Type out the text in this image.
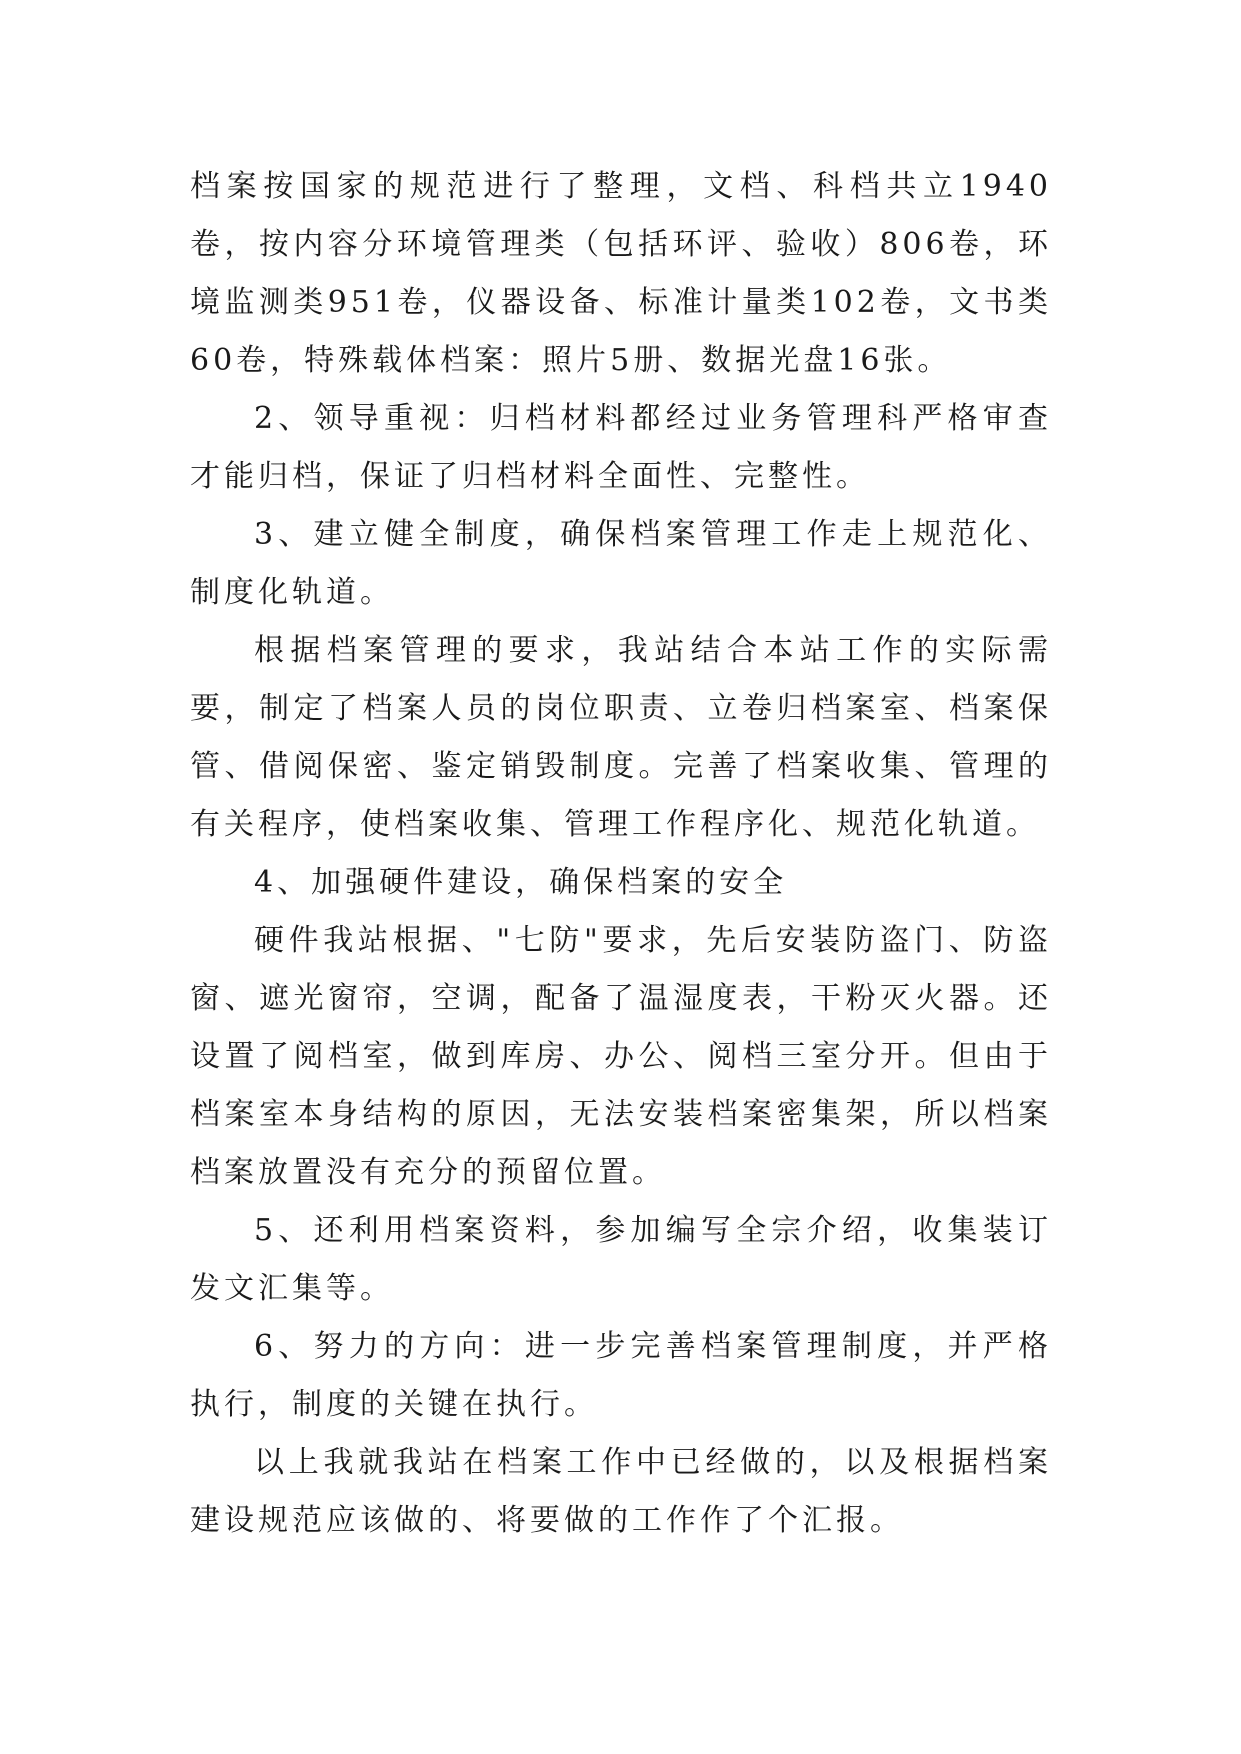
档案按国家的规范进行了整理，文档、科档共立1940卷，按内容分环境管理类（包括环评、验收）806卷，环境监测类951卷，仪器设备、标准计量类102卷，文书类60卷，特殊载体档案：照片5册、数据光盘16张。

2、领导重视：归档材料都经过业务管理科严格审查才能归档，保证了归档材料全面性、完整性。

3、建立健全制度，确保档案管理工作走上规范化、制度化轨道。

根据档案管理的要求，我站结合本站工作的实际需要，制定了档案人员的岗位职责、立卷归档案室、档案保管、借阅保密、鉴定销毁制度。完善了档案收集、管理的有关程序，使档案收集、管理工作程序化、规范化轨道。

4、加强硬件建设，确保档案的安全

硬件我站根据、"七防"要求，先后安装防盗门、防盗窗、遮光窗帘，空调，配备了温湿度表，干粉灭火器。还设置了阅档室，做到库房、办公、阅档三室分开。但由于档案室本身结构的原因，无法安装档案密集架，所以档案档案放置没有充分的预留位置。

5、还利用档案资料，参加编写全宗介绍，收集装订发文汇集等。

6、努力的方向：进一步完善档案管理制度，并严格执行，制度的关键在执行。

以上我就我站在档案工作中已经做的，以及根据档案建设规范应该做的、将要做的工作作了个汇报。
